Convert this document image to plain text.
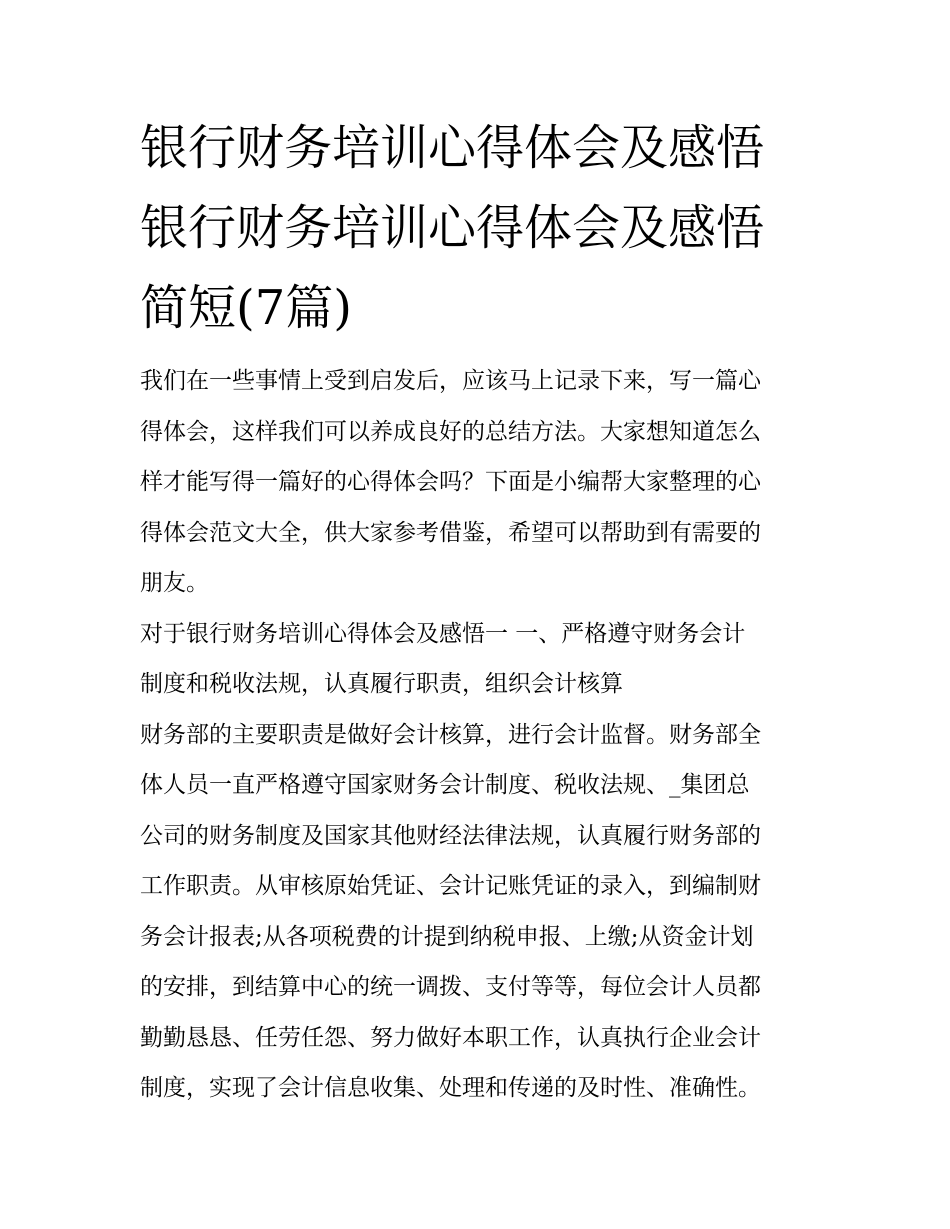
银行财务培训心得体会及感悟
银行财务培训心得体会及感悟
简短(7篇)

我们在一些事情上受到启发后，应该马上记录下来，写一篇心
得体会，这样我们可以养成良好的总结方法。大家想知道怎么
样才能写得一篇好的心得体会吗？下面是小编帮大家整理的心
得体会范文大全，供大家参考借鉴，希望可以帮助到有需要的
朋友。

对于银行财务培训心得体会及感悟一 一、严格遵守财务会计
制度和税收法规，认真履行职责，组织会计核算

财务部的主要职责是做好会计核算，进行会计监督。财务部全
体人员一直严格遵守国家财务会计制度、税收法规、_集团总
公司的财务制度及国家其他财经法律法规，认真履行财务部的
工作职责。从审核原始凭证、会计记账凭证的录入，到编制财
务会计报表;从各项税费的计提到纳税申报、上缴;从资金计划
的安排，到结算中心的统一调拨、支付等等，每位会计人员都
勤勤恳恳、任劳任怨、努力做好本职工作，认真执行企业会计
制度，实现了会计信息收集、处理和传递的及时性、准确性。
